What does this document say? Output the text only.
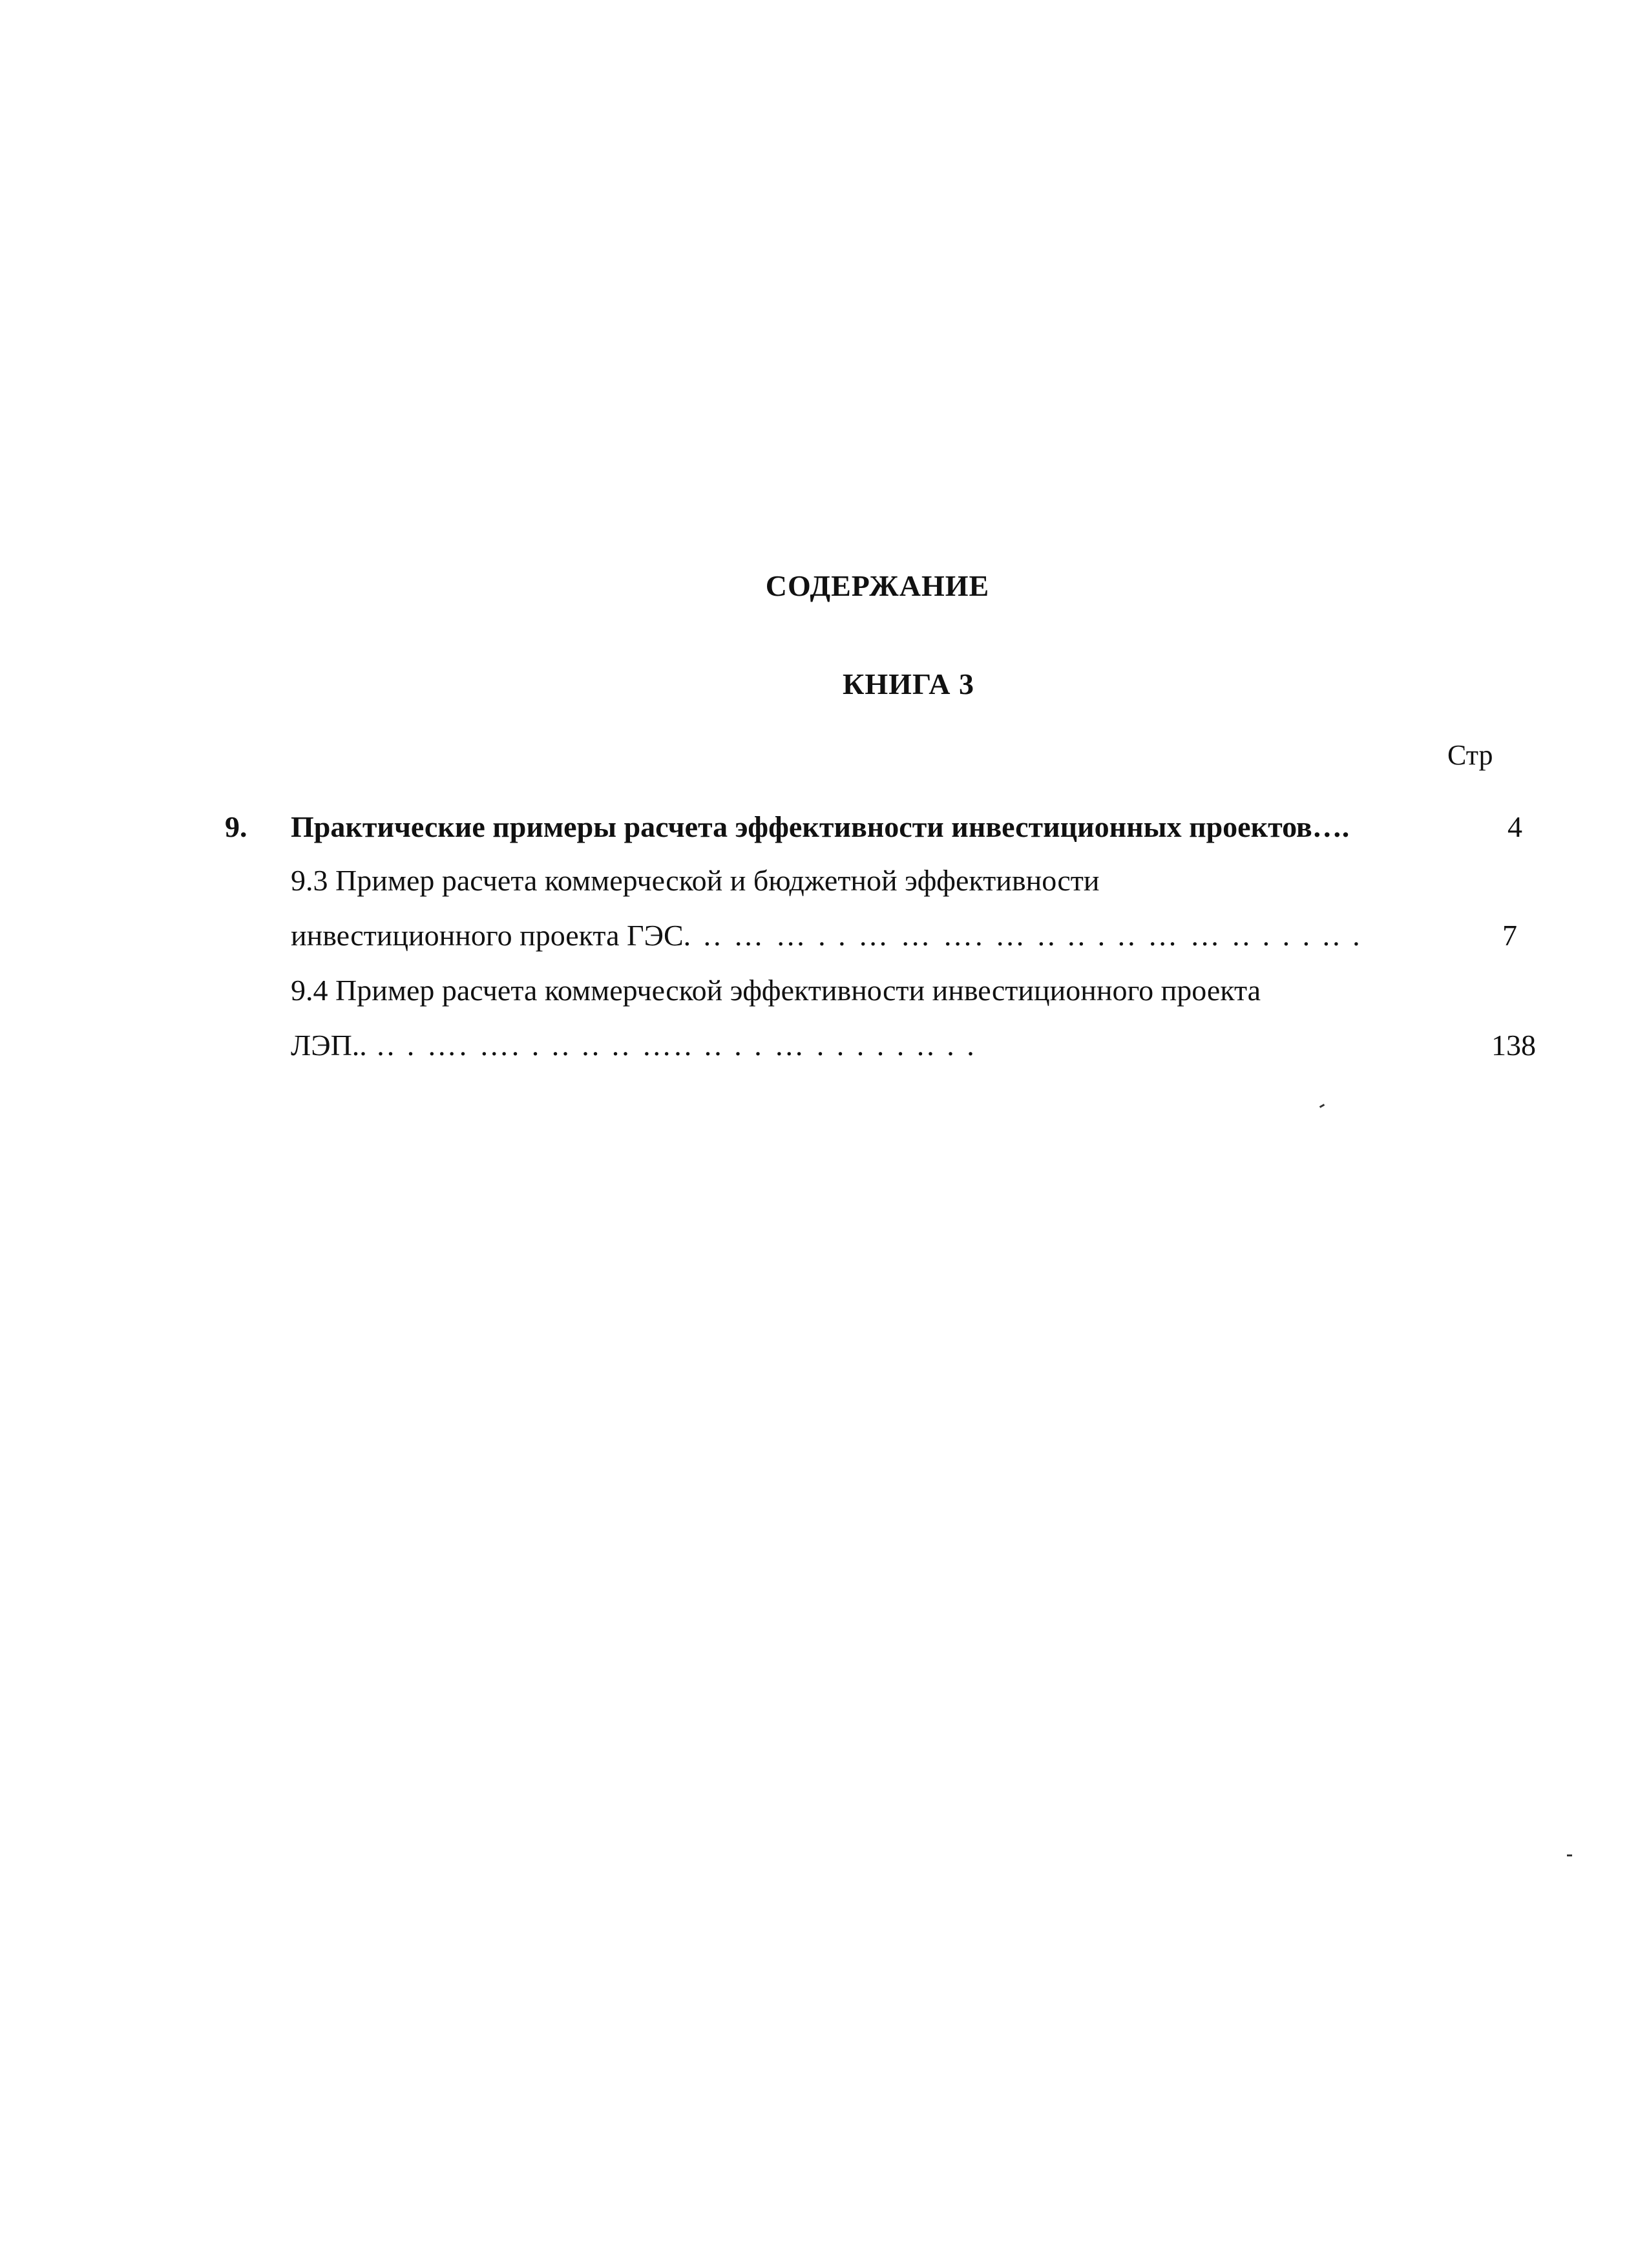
СОДЕРЖАНИЕ
КНИГА 3
Стр
9. Практические примеры расчета эффективности инвестиционных проектов….	4
9.3 Пример расчета коммерческой и бюджетной эффективности
инвестиционного проекта ГЭС. .. … … . . … … …. … .. .. . .. … … .. . . . .. .	7
9.4 Пример расчета коммерческой эффективности инвестиционного проекта
ЛЭП.. .. . …. …. . .. .. .. ….. .. . . … . . . . . .. . .	138
